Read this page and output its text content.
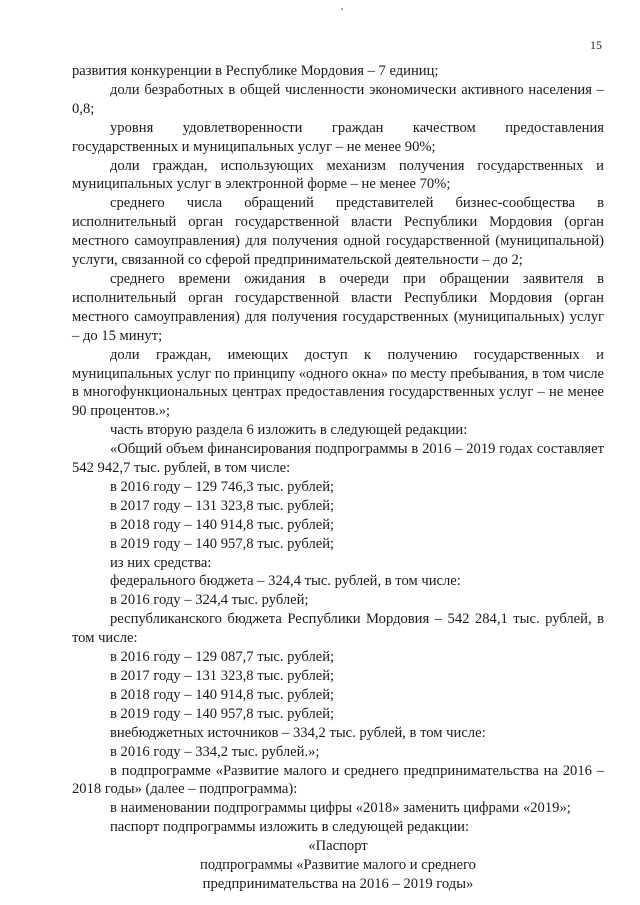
15

развития конкуренции в Республике Мордовия – 7 единиц;

доли безработных в общей численности экономически активного населения – 0,8;

уровня удовлетворенности граждан качеством предоставления государственных и муниципальных услуг – не менее 90%;

доли граждан, использующих механизм получения государственных и муниципальных услуг в электронной форме – не менее 70%;

среднего числа обращений представителей бизнес-сообщества в исполнительный орган государственной власти Республики Мордовия (орган местного самоуправления) для получения одной государственной (муниципальной) услуги, связанной со сферой предпринимательской деятельности – до 2;

среднего времени ожидания в очереди при обращении заявителя в исполнительный орган государственной власти Республики Мордовия (орган местного самоуправления) для получения государственных (муниципальных) услуг – до 15 минут;

доли граждан, имеющих доступ к получению государственных и муниципальных услуг по принципу «одного окна» по месту пребывания, в том числе в многофункциональных центрах предоставления государственных услуг – не менее 90 процентов.»;

часть вторую раздела 6 изложить в следующей редакции:

«Общий объем финансирования подпрограммы в 2016 – 2019 годах составляет 542 942,7 тыс. рублей, в том числе:

в 2016 году – 129 746,3 тыс. рублей;

в 2017 году – 131 323,8 тыс. рублей;

в 2018 году – 140 914,8 тыс. рублей;

в 2019 году – 140 957,8 тыс. рублей;

из них средства:

федерального бюджета – 324,4 тыс. рублей, в том числе:

в 2016 году – 324,4 тыс. рублей;

республиканского бюджета Республики Мордовия – 542 284,1 тыс. рублей, в том числе:

в 2016 году – 129 087,7 тыс. рублей;

в 2017 году – 131 323,8 тыс. рублей;

в 2018 году – 140 914,8 тыс. рублей;

в 2019 году – 140 957,8 тыс. рублей;

внебюджетных источников – 334,2 тыс. рублей, в том числе:

в 2016 году – 334,2 тыс. рублей.»;

в подпрограмме «Развитие малого и среднего предпринимательства на 2016 – 2018 годы» (далее – подпрограмма):

в наименовании подпрограммы цифры «2018» заменить цифрами «2019»;

паспорт подпрограммы изложить в следующей редакции:

«Паспорт

подпрограммы «Развитие малого и среднего

предпринимательства на 2016 – 2019 годы»
